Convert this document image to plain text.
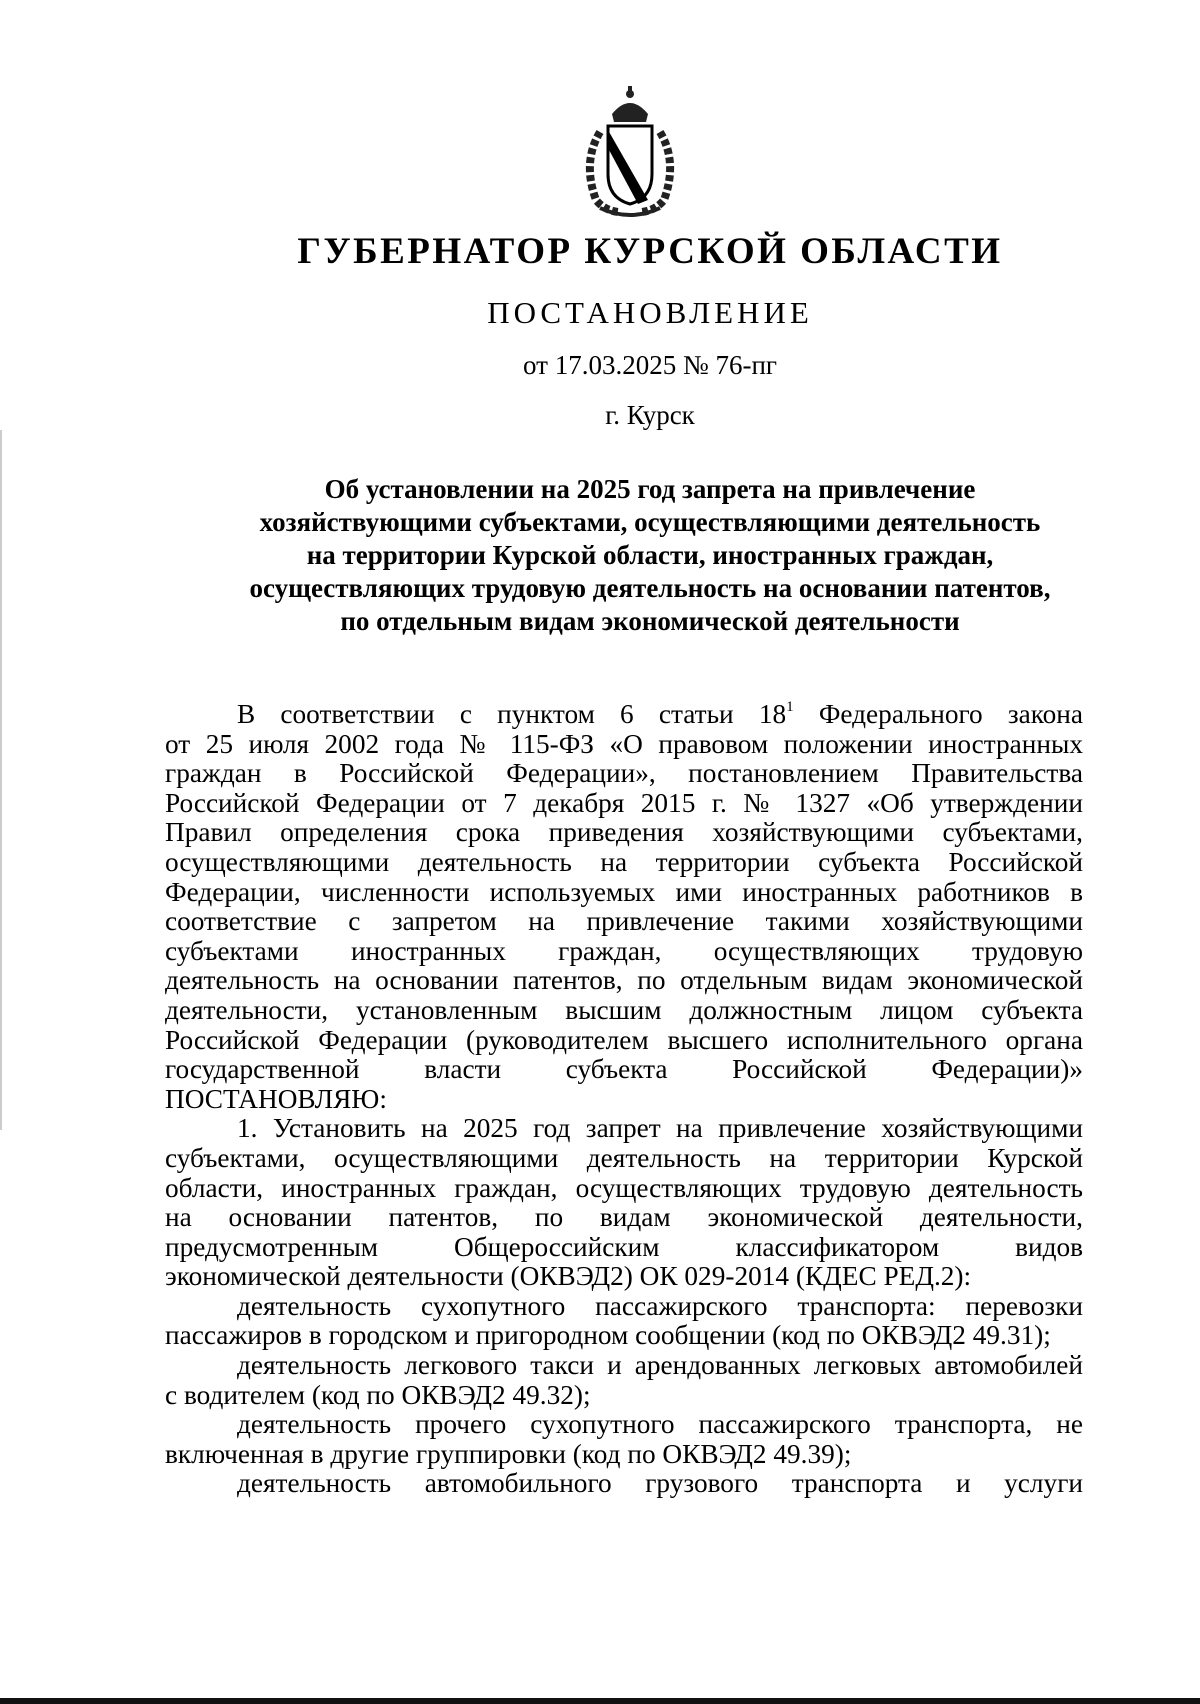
ГУБЕРНАТОР КУРСКОЙ ОБЛАСТИ
ПОСТАНОВЛЕНИЕ
от 17.03.2025 № 76-пг
г. Курск
Об установлении на 2025 год запрета на привлечение
хозяйствующими субъектами, осуществляющими деятельность
на территории Курской области, иностранных граждан,
осуществляющих трудовую деятельность на основании патентов,
по отдельным видам экономической деятельности
В соответствии с пунктом 6 статьи $18^1$ Федерального закона
от 25 июля 2002 года № 115-ФЗ «О правовом положении иностранных
граждан в Российской Федерации», постановлением Правительства
Российской Федерации от 7 декабря 2015 г. № 1327 «Об утверждении
Правил определения срока приведения хозяйствующими субъектами,
осуществляющими деятельность на территории субъекта Российской
Федерации, численности используемых ими иностранных работников в
соответствие с запретом на привлечение такими хозяйствующими
субъектами иностранных граждан, осуществляющих трудовую
деятельность на основании патентов, по отдельным видам экономической
деятельности, установленным высшим должностным лицом субъекта
Российской Федерации (руководителем высшего исполнительного органа
государственной власти субъекта Российской Федерации)»
ПОСТАНОВЛЯЮ:
1. Установить на 2025 год запрет на привлечение хозяйствующими
субъектами, осуществляющими деятельность на территории Курской
области, иностранных граждан, осуществляющих трудовую деятельность
на основании патентов, по видам экономической деятельности,
предусмотренным Общероссийским классификатором видов
экономической деятельности (ОКВЭД2) ОК 029-2014 (КДЕС РЕД.2):
деятельность сухопутного пассажирского транспорта: перевозки
пассажиров в городском и пригородном сообщении (код по ОКВЭД2 49.31);
деятельность легкового такси и арендованных легковых автомобилей
с водителем (код по ОКВЭД2 49.32);
деятельность прочего сухопутного пассажирского транспорта, не
включенная в другие группировки (код по ОКВЭД2 49.39);
деятельность автомобильного грузового транспорта и услуги
